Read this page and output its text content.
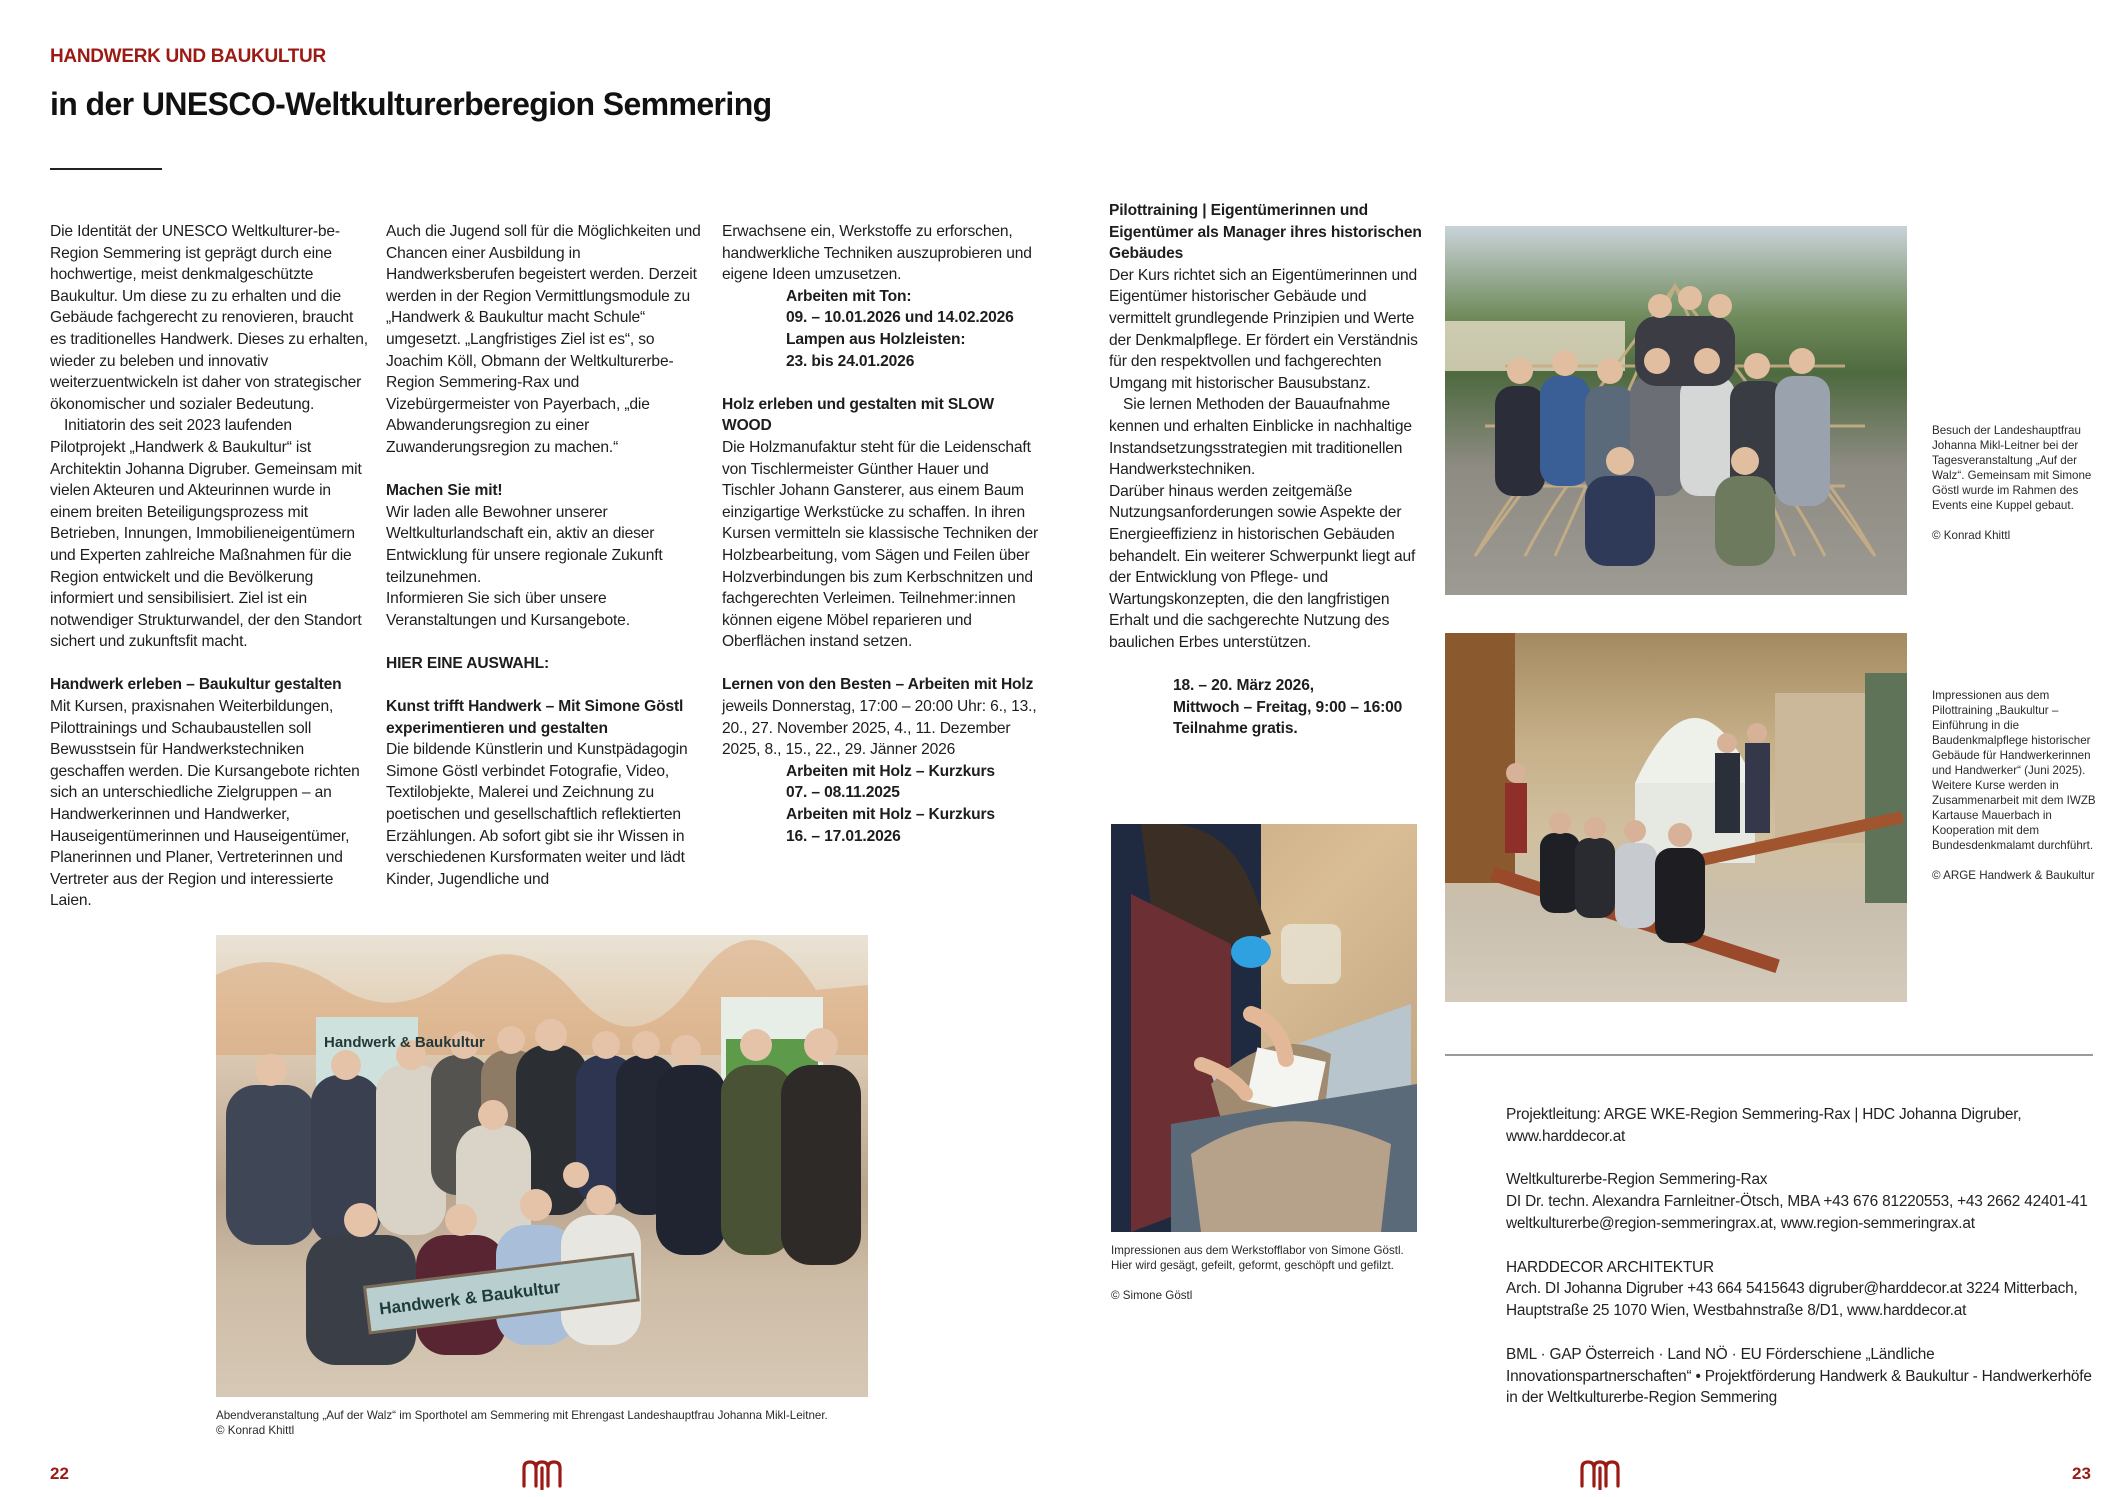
HANDWERK UND BAUKULTUR
in der UNESCO-Weltkulturerberegion Semmering

Die Identität der UNESCO Weltkulturer-be-Region Semmering ist geprägt durch eine hochwertige, meist denkmalgeschützte Baukultur. Um diese zu zu erhalten und die Gebäude fachgerecht zu renovieren, braucht es traditionelles Handwerk. Dieses zu erhalten, wieder zu beleben und innovativ weiterzuentwickeln ist daher von strategischer ökonomischer und sozialer Bedeutung.

Initiatorin des seit 2023 laufenden Pilotprojekt „Handwerk & Baukultur“ ist Architektin Johanna Digruber. Gemeinsam mit vielen Akteuren und Akteurinnen wurde in einem breiten Beteiligungsprozess mit Betrieben, Innungen, Immobilieneigentümern und Experten zahlreiche Maßnahmen für die Region entwickelt und die Bevölkerung informiert und sensibilisiert. Ziel ist ein notwendiger Strukturwandel, der den Standort sichert und zukunftsfit macht.

Handwerk erleben – Baukultur gestalten

Mit Kursen, praxisnahen Weiterbildungen, Pilottrainings und Schaubaustellen soll Bewusstsein für Handwerkstechniken geschaffen werden. Die Kursangebote richten sich an unterschiedliche Zielgruppen – an Handwerkerinnen und Handwerker, Hauseigentümerinnen und Hauseigentümer, Planerinnen und Planer, Vertreterinnen und Vertreter aus der Region und interessierte Laien.

Auch die Jugend soll für die Möglichkeiten und Chancen einer Ausbildung in Handwerksberufen begeistert werden. Derzeit werden in der Region Vermittlungsmodule zu „Handwerk & Baukultur macht Schule“ umgesetzt. „Langfristiges Ziel ist es“, so Joachim Köll, Obmann der Weltkulturerbe-Region Semmering-Rax und Vizebürgermeister von Payerbach, „die Abwanderungsregion zu einer Zuwanderungsregion zu machen.“

Machen Sie mit!

Wir laden alle Bewohner unserer Weltkulturlandschaft ein, aktiv an dieser Entwicklung für unsere regionale Zukunft teilzunehmen.

Informieren Sie sich über unsere Veranstaltungen und Kursangebote.

HIER EINE AUSWAHL:

Kunst trifft Handwerk – Mit Simone Göstl experimentieren und gestalten

Die bildende Künstlerin und Kunstpädagogin Simone Göstl verbindet Fotografie, Video, Textilobjekte, Malerei und Zeichnung zu poetischen und gesellschaftlich reflektierten Erzählungen. Ab sofort gibt sie ihr Wissen in verschiedenen Kursformaten weiter und lädt Kinder, Jugendliche und

Erwachsene ein, Werkstoffe zu erforschen, handwerkliche Techniken auszuprobieren und eigene Ideen umzusetzen.

Arbeiten mit Ton:

09. – 10.01.2026 und 14.02.2026

Lampen aus Holzleisten:

23. bis 24.01.2026

Holz erleben und gestalten mit SLOW WOOD

Die Holzmanufaktur steht für die Leidenschaft von Tischlermeister Günther Hauer und Tischler Johann Gansterer, aus einem Baum einzigartige Werkstücke zu schaffen. In ihren Kursen vermitteln sie klassische Techniken der Holzbearbeitung, vom Sägen und Feilen über Holzverbindungen bis zum Kerbschnitzen und fachgerechten Verleimen. Teilnehmer:innen können eigene Möbel reparieren und Oberflächen instand setzen.

Lernen von den Besten – Arbeiten mit Holz

jeweils Donnerstag, 17:00 – 20:00 Uhr: 6., 13., 20., 27. November 2025, 4., 11. Dezember 2025, 8., 15., 22., 29. Jänner 2026

Arbeiten mit Holz – Kurzkurs

07. – 08.11.2025

Arbeiten mit Holz – Kurzkurs

16. – 17.01.2026

Pilottraining | Eigentümerinnen und Eigentümer als Manager ihres historischen Gebäudes

Der Kurs richtet sich an Eigentümerinnen und Eigentümer historischer Gebäude und vermittelt grundlegende Prinzipien und Werte der Denkmalpflege. Er fördert ein Verständnis für den respektvollen und fachgerechten Umgang mit historischer Bausubstanz.

Sie lernen Methoden der Bauaufnahme kennen und erhalten Einblicke in nachhaltige Instandsetzungsstrategien mit traditionellen Handwerkstechniken.

Darüber hinaus werden zeitgemäße Nutzungsanforderungen sowie Aspekte der Energieeffizienz in historischen Gebäuden behandelt. Ein weiterer Schwerpunkt liegt auf der Entwicklung von Pflege- und Wartungskonzepten, die den langfristigen Erhalt und die sachgerechte Nutzung des baulichen Erbes unterstützen.

18. – 20. März 2026,

Mittwoch – Freitag, 9:00 – 16:00

Teilnahme gratis.

Handwerk & Baukultur
Handwerk & Baukultur

Abendveranstaltung „Auf der Walz“ im Sporthotel am Semmering mit Ehrengast Landeshauptfrau Johanna Mikl-Leitner.

© Konrad Khittl

Besuch der Landeshauptfrau Johanna Mikl-Leitner bei der Tagesveranstaltung „Auf der Walz“. Gemeinsam mit Simone Göstl wurde im Rahmen des Events eine Kuppel gebaut.

© Konrad Khittl

Impressionen aus dem Pilottraining „Baukultur – Einführung in die Baudenkmalpflege historischer Gebäude für Handwerkerinnen und Handwerker“ (Juni 2025). Weitere Kurse werden in Zusammenarbeit mit dem IWZB Kartause Mauerbach in Kooperation mit dem Bundesdenkmalamt durchführt.

© ARGE Handwerk & Baukultur

Impressionen aus dem Werkstofflabor von Simone Göstl. Hier wird gesägt, gefeilt, geformt, geschöpft und gefilzt.

© Simone Göstl

Projektleitung: ARGE WKE-Region Semmering-Rax | HDC Johanna Digruber, www.harddecor.at

Weltkulturerbe-Region Semmering-Rax

DI Dr. techn. Alexandra Farnleitner-Ötsch, MBA +43 676 81220553, +43 2662 42401-41 weltkulturerbe@region-semmeringrax.at, www.region-semmeringrax.at

HARDDECOR ARCHITEKTUR

Arch. DI Johanna Digruber +43 664 5415643 digruber@harddecor.at 3224 Mitterbach, Hauptstraße 25 1070 Wien, Westbahnstraße 8/D1, www.harddecor.at

BML · GAP Österreich · Land NÖ · EU Förderschiene „Ländliche Innovationspartnerschaften“ • Projektförderung Handwerk & Baukultur - Handwerkerhöfe in der Weltkulturerbe-Region Semmering

22	23
